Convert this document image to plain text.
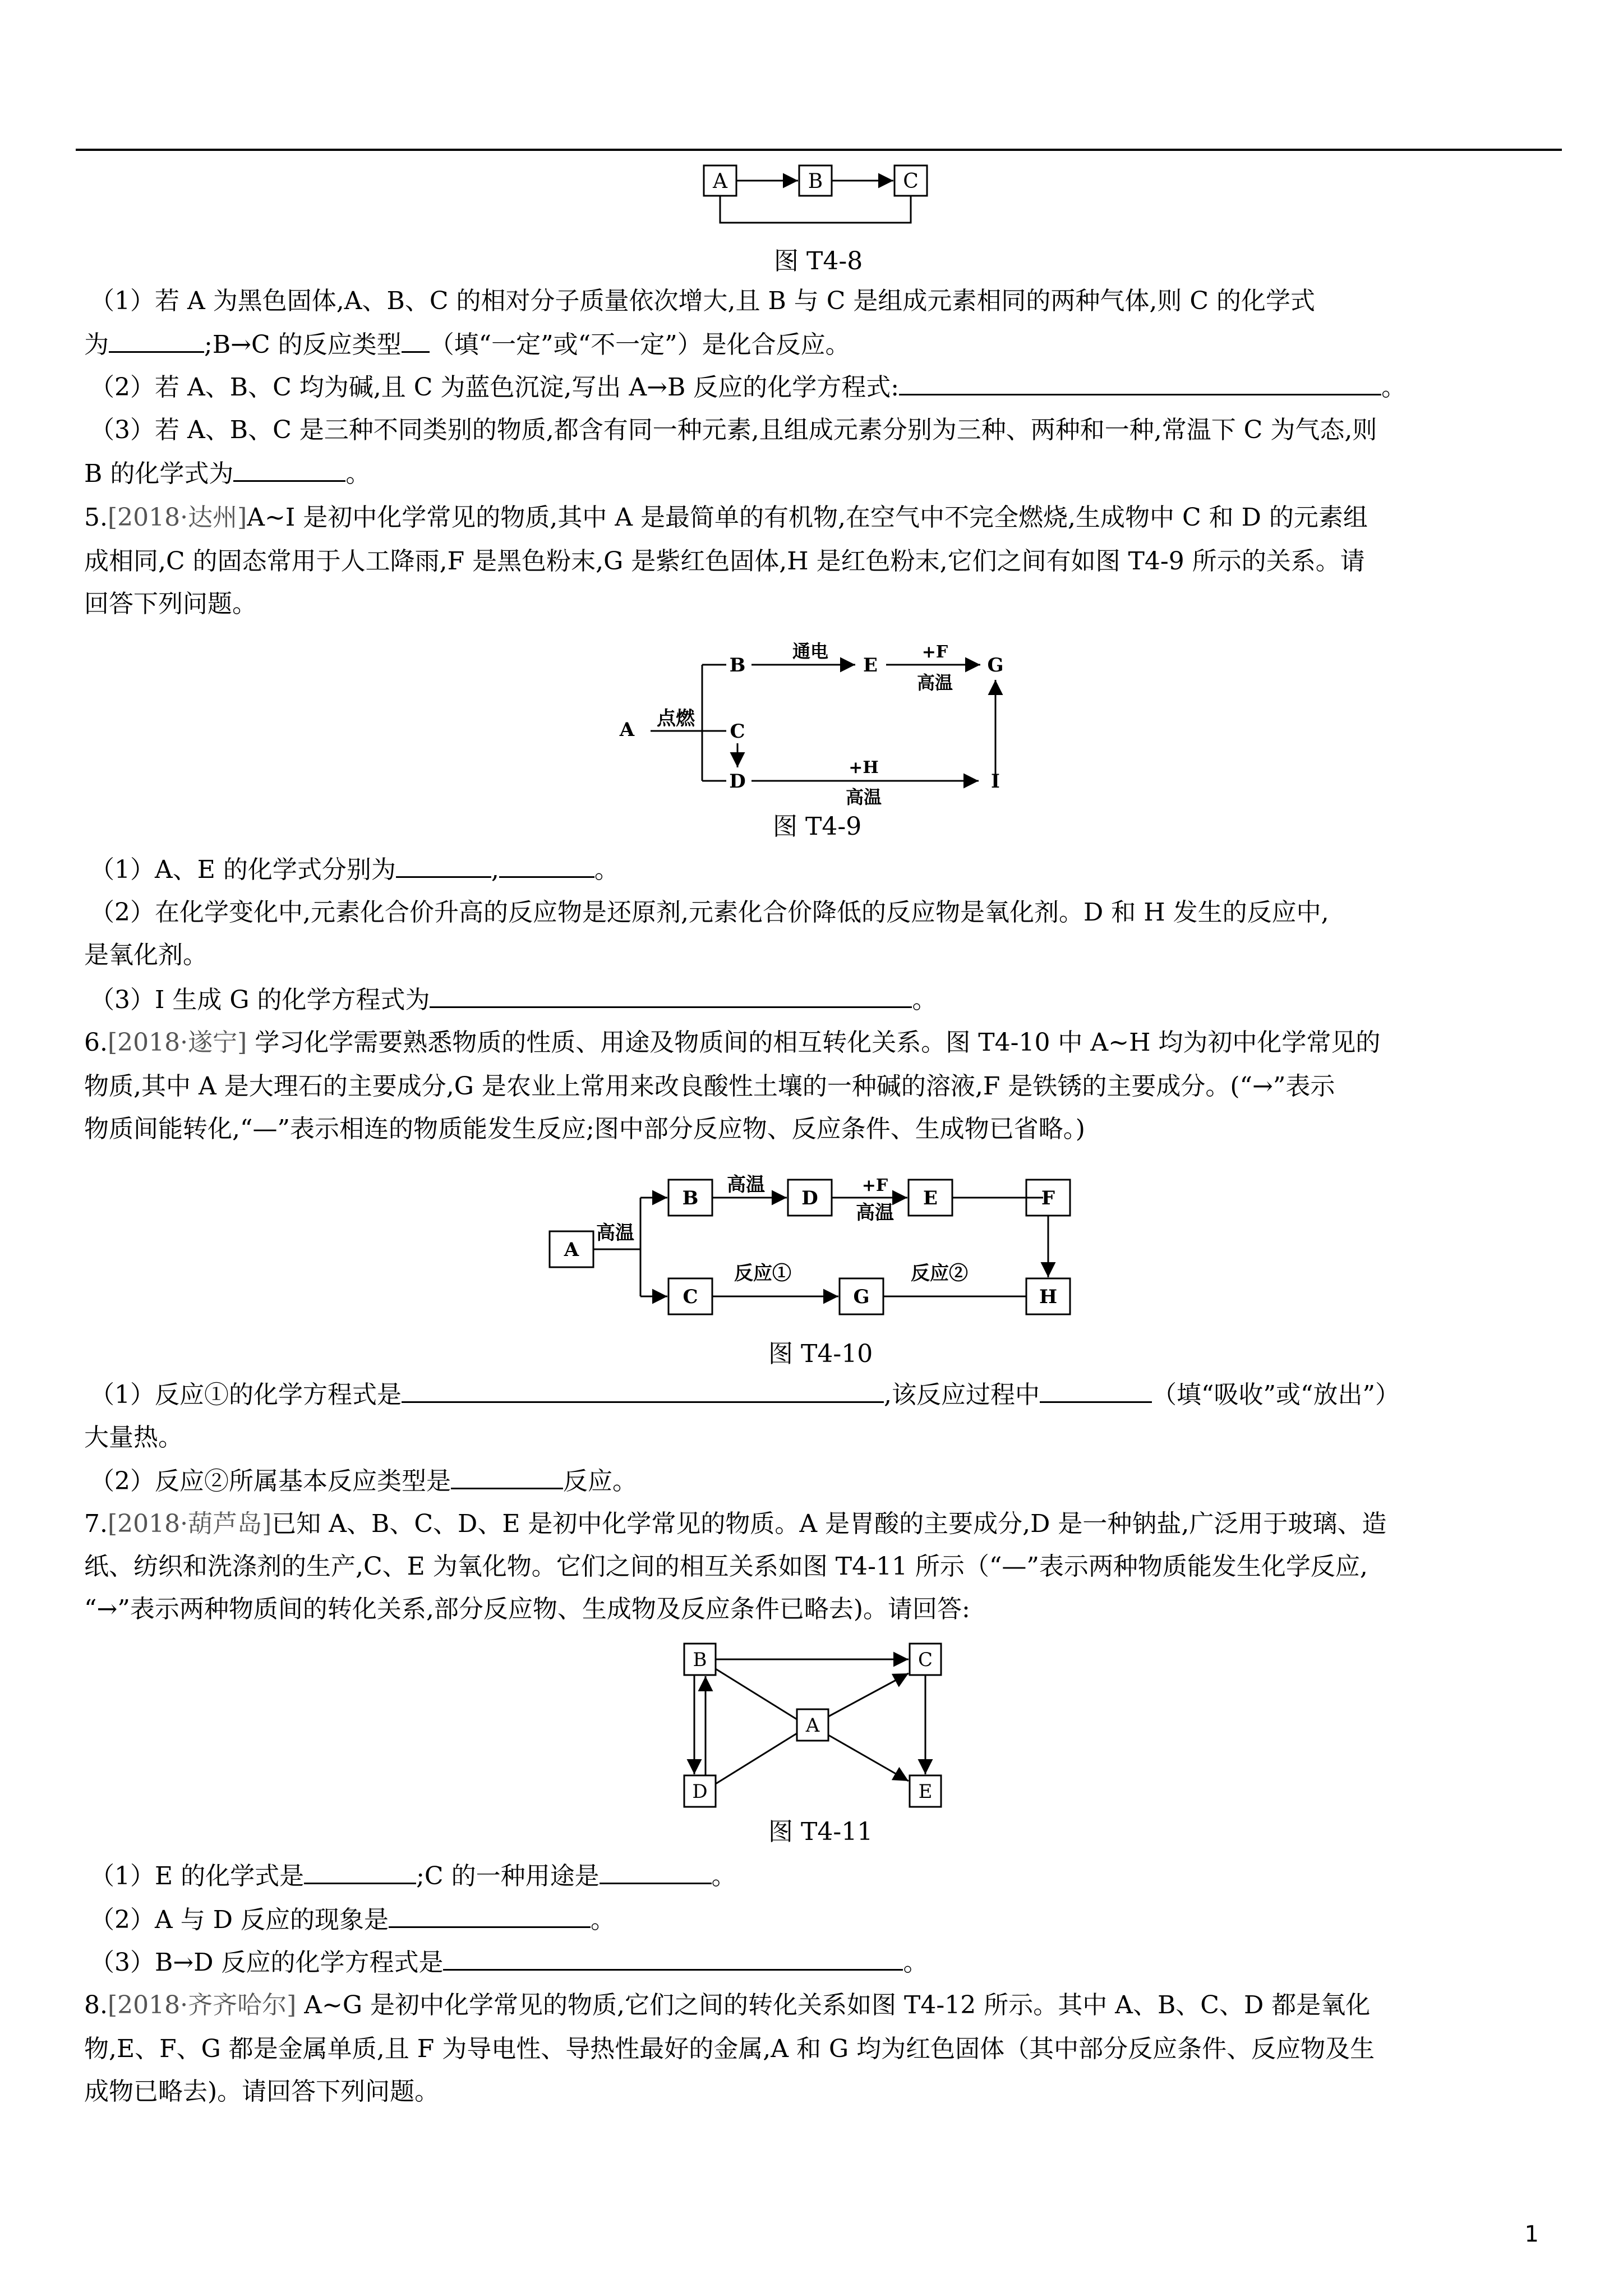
A	B	C
图 T4-8
（1）若 A 为黑色固体,A、B、C 的相对分子质量依次增大,且 B 与 C 是组成元素相同的两种气体,则 C 的化学式
为	;B→C 的反应类型 （填“一定”或“不一定”）是化合反应。
（2）若 A、B、C 均为碱,且 C 为蓝色沉淀,写出 A→B 反应的化学方程式:	。
（3）若 A、B、C 是三种不同类别的物质,都含有同一种元素,且组成元素分别为三种、两种和一种,常温下 C 为气态,则
B 的化学式为	。
5.[2018·达州]A~I 是初中化学常见的物质,其中 A 是最简单的有机物,在空气中不完全燃烧,生成物中 C 和 D 的元素组
成相同,C 的固态常用于人工降雨,F 是黑色粉末,G 是紫红色固体,H 是红色粉末,它们之间有如图 T4-9 所示的关系。请
回答下列问题。
A 点燃
B
C
D
通电
E
+F
高温
G
+H
高温
I
图 T4-9
（1）A、E 的化学式分别为	,	。
（2）在化学变化中,元素化合价升高的反应物是还原剂,元素化合价降低的反应物是氧化剂。D 和 H 发生的反应中,
是氧化剂。
（3）I 生成 G 的化学方程式为	。
6.[2018·遂宁] 学习化学需要熟悉物质的性质、用途及物质间的相互转化关系。图 T4-10 中 A~H 均为初中化学常见的
物质,其中 A 是大理石的主要成分,G 是农业上常用来改良酸性土壤的一种碱的溶液,F 是铁锈的主要成分。(“→”表示
物质间能转化,“—”表示相连的物质能发生反应;图中部分反应物、反应条件、生成物已省略。)
A
高温
B
高温
D
+F
高温
E	F
C
反应①
G
反应②
H
图 T4-10
（1）反应①的化学方程式是	,该反应过程中	（填“吸收”或“放出”）
大量热。
（2）反应②所属基本反应类型是	反应。
7.[2018·葫芦岛]已知 A、B、C、D、E 是初中化学常见的物质。A 是胃酸的主要成分,D 是一种钠盐,广泛用于玻璃、造
纸、纺织和洗涤剂的生产,C、E 为氧化物。它们之间的相互关系如图 T4-11 所示（“—”表示两种物质能发生化学反应,
“→”表示两种物质间的转化关系,部分反应物、生成物及反应条件已略去)。请回答:
B	C
A
D	E
图 T4-11
（1）E 的化学式是	;C 的一种用途是	。
（2）A 与 D 反应的现象是	。
（3）B→D 反应的化学方程式是	。
8.[2018·齐齐哈尔] A~G 是初中化学常见的物质,它们之间的转化关系如图 T4-12 所示。其中 A、B、C、D 都是氧化
物,E、F、G 都是金属单质,且 F 为导电性、导热性最好的金属,A 和 G 均为红色固体（其中部分反应条件、反应物及生
成物已略去)。请回答下列问题。
1
